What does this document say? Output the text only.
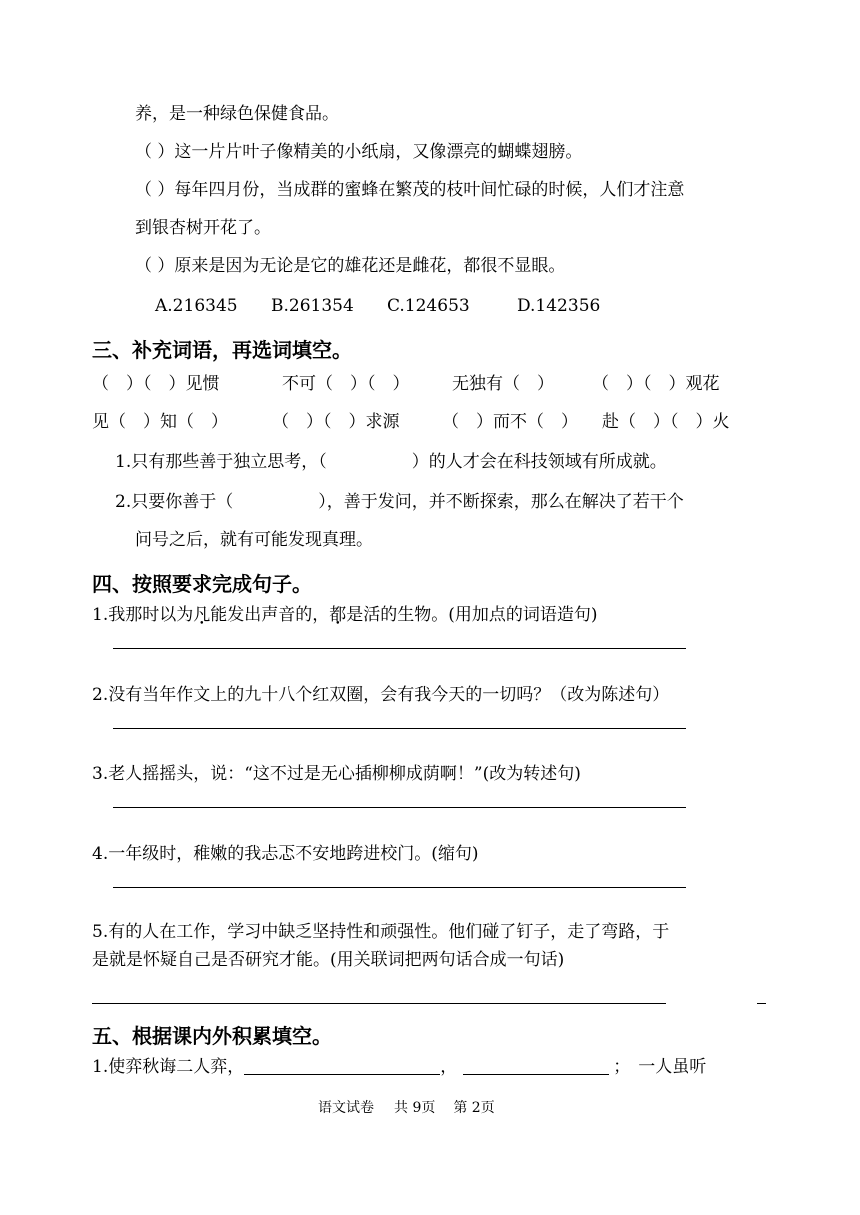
养，是一种绿色保健食品。
（ ）这一片片叶子像精美的小纸扇，又像漂亮的蝴蝶翅膀。
（ ）每年四月份，当成群的蜜蜂在繁茂的枝叶间忙碌的时候，人们才注意
到银杏树开花了。
（ ）原来是因为无论是它的雄花还是雌花，都很不显眼。
A.216345 B.261354 C.124653	D.142356
三、补充词语，再选词填空。
（　）（　）见惯	不可（　）（　）	无独有（　） （　）（　）观花
见（　）知（　）	（　）（　）求源	（　）而不（　） 赴（　）（　）火
1.只有那些善于独立思考，（　　　　　）的人才会在科技领域有所成就。
2.只要你善于（　　　　　），善于发问，并不断探索，那么在解决了若干个
问号之后，就有可能发现真理。
四、按照要求完成句子。
1.我那时以为凡能发出声音的，都是活的生物。(用加点的词语造句)
2.没有当年作文上的九十八个红双圈，会有我今天的一切吗？（改为陈述句）
3.老人摇摇头，说：“这不过是无心插柳柳成荫啊！”(改为转述句)
4.一年级时，稚嫩的我忐忑不安地跨进校门。(缩句)
5.有的人在工作，学习中缺乏坚持性和顽强性。他们碰了钉子，走了弯路，于
是就是怀疑自己是否研究才能。(用关联词把两句话合成一句话)
五、根据课内外积累填空。
1.使弈秋诲二人弈，	，	； 一人虽听
语文试卷 共 9页 第 2页
